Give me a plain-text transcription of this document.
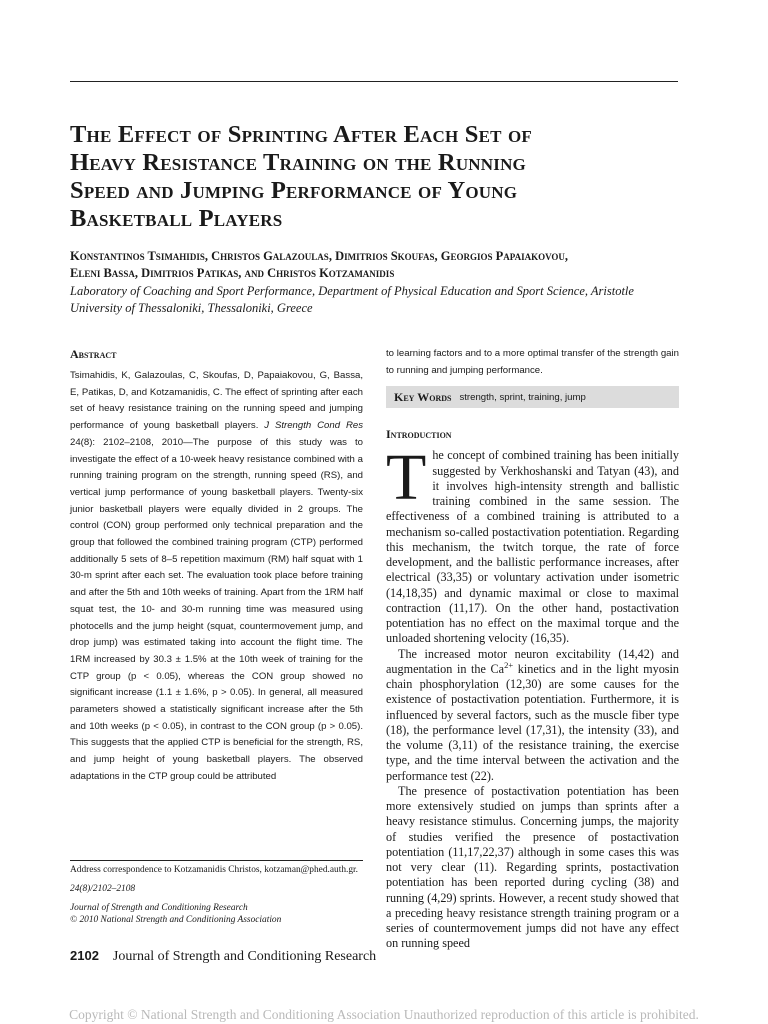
The Effect of Sprinting After Each Set of
Heavy Resistance Training on the Running
Speed and Jumping Performance of Young
Basketball Players
Konstantinos Tsimahidis, Christos Galazoulas, Dimitrios Skoufas, Georgios Papaiakovou,
Eleni Bassa, Dimitrios Patikas, and Christos Kotzamanidis
Laboratory of Coaching and Sport Performance, Department of Physical Education and Sport Science, Aristotle University of Thessaloniki, Thessaloniki, Greece
Abstract

Tsimahidis, K, Galazoulas, C, Skoufas, D, Papaiakovou, G, Bassa, E, Patikas, D, and Kotzamanidis, C. The effect of sprinting after each set of heavy resistance training on the running speed and jumping performance of young basketball players. J Strength Cond Res 24(8): 2102–2108, 2010—The purpose of this study was to investigate the effect of a 10-week heavy resistance combined with a running training program on the strength, running speed (RS), and vertical jump performance of young basketball players. Twenty-six junior basketball players were equally divided in 2 groups. The control (CON) group performed only technical preparation and the group that followed the combined training program (CTP) performed additionally 5 sets of 8–5 repetition maximum (RM) half squat with 1 30-m sprint after each set. The evaluation took place before training and after the 5th and 10th weeks of training. Apart from the 1RM half squat test, the 10- and 30-m running time was measured using photocells and the jump height (squat, countermovement jump, and drop jump) was estimated taking into account the flight time. The 1RM increased by 30.3 ± 1.5% at the 10th week of training for the CTP group (p < 0.05), whereas the CON group showed no significant increase (1.1 ± 1.6%, p > 0.05). In general, all measured parameters showed a statistically significant increase after the 5th and 10th weeks (p < 0.05), in contrast to the CON group (p > 0.05). This suggests that the applied CTP is beneficial for the strength, RS, and jump height of young basketball players. The observed adaptations in the CTP group could be attributed

to learning factors and to a more optimal transfer of the strength gain to running and jumping performance.

Key Words strength, sprint, training, jump
Introduction

The concept of combined training has been initially suggested by Verkhoshanski and Tatyan (43), and it involves high-intensity strength and ballistic training combined in the same session. The effectiveness of a combined training is attributed to a mechanism so-called postactivation potentiation. Regarding this mechanism, the twitch torque, the rate of force development, and the ballistic performance increases, after electrical (33,35) or voluntary activation under isometric (14,18,35) and dynamic maximal or close to maximal contraction (11,17). On the other hand, postactivation potentiation has no effect on the maximal torque and the unloaded shortening velocity (16,35).

The increased motor neuron excitability (14,42) and augmentation in the $Ca^{2+}$ kinetics and in the light myosin chain phosphorylation (12,30) are some causes for the existence of postactivation potentiation. Furthermore, it is influenced by several factors, such as the muscle fiber type (18), the performance level (17,31), the intensity (33), and the volume (3,11) of the resistance training, the exercise type, and the time interval between the activation and the performance test (22).

The presence of postactivation potentiation has been more extensively studied on jumps than sprints after a heavy resistance stimulus. Concerning jumps, the majority of studies verified the presence of postactivation potentiation (11,17,22,37) although in some cases this was not very clear (11). Regarding sprints, postactivation potentiation has been reported during cycling (38) and running (4,29) sprints. However, a recent study showed that a preceding heavy resistance strength training program or a series of countermovement jumps did not have any effect on running speed

Address correspondence to Kotzamanidis Christos, kotzaman@phed.auth.gr.

24(8)/2102–2108

Journal of Strength and Conditioning Research

© 2010 National Strength and Conditioning Association

2102 Journal of Strength and Conditioning Research
Copyright © National Strength and Conditioning Association Unauthorized reproduction of this article is prohibited.
